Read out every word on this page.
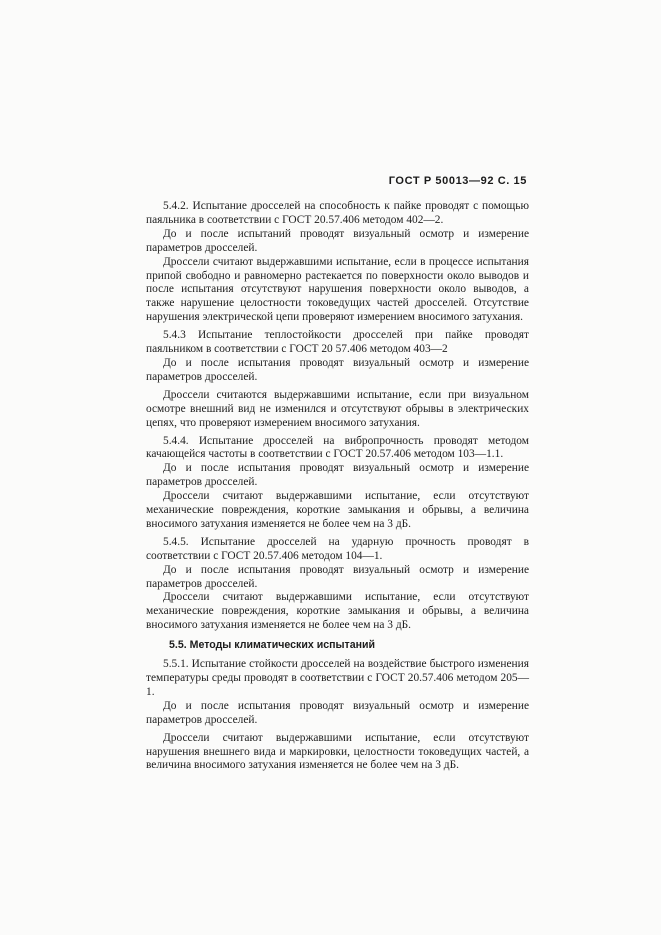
ГОСТ Р 50013—92 С. 15

5.4.2. Испытание дросселей на способность к пайке проводят с помощью паяльника в соответствии с ГОСТ 20.57.406 методом 402—2.

До и после испытаний проводят визуальный осмотр и измерение параметров дросселей.

Дроссели считают выдержавшими испытание, если в процессе испытания припой свободно и равномерно растекается по поверхности около выводов и после испытания отсутствуют нарушения поверхности около выводов, а также нарушение целостности токоведущих частей дросселей. Отсутствие нарушения электрической цепи проверяют измерением вносимого затухания.

5.4.3 Испытание теплостойкости дросселей при пайке проводят паяльником в соответствии с ГОСТ 20 57.406 методом 403—2

До и после испытания проводят визуальный осмотр и измерение параметров дросселей.

Дроссели считаются выдержавшими испытание, если при визуальном осмотре внешний вид не изменился и отсутствуют обрывы в электрических цепях, что проверяют измерением вносимого затухания.

5.4.4. Испытание дросселей на вибропрочность проводят методом качающейся частоты в соответствии с ГОСТ 20.57.406 методом 103—1.1.

До и после испытания проводят визуальный осмотр и измерение параметров дросселей.

Дроссели считают выдержавшими испытание, если отсутствуют механические повреждения, короткие замыкания и обрывы, а величина вносимого затухания изменяется не более чем на 3 дБ.

5.4.5. Испытание дросселей на ударную прочность проводят в соответствии с ГОСТ 20.57.406 методом 104—1.

До и после испытания проводят визуальный осмотр и измерение параметров дросселей.

Дроссели считают выдержавшими испытание, если отсутствуют механические повреждения, короткие замыкания и обрывы, а величина вносимого затухания изменяется не более чем на 3 дБ.

5.5. Методы климатических испытаний

5.5.1. Испытание стойкости дросселей на воздействие быстрого изменения температуры среды проводят в соответствии с ГОСТ 20.57.406 методом 205—1.

До и после испытания проводят визуальный осмотр и измерение параметров дросселей.

Дроссели считают выдержавшими испытание, если отсутствуют нарушения внешнего вида и маркировки, целостности токоведущих частей, а величина вносимого затухания изменяется не более чем на 3 дБ.
